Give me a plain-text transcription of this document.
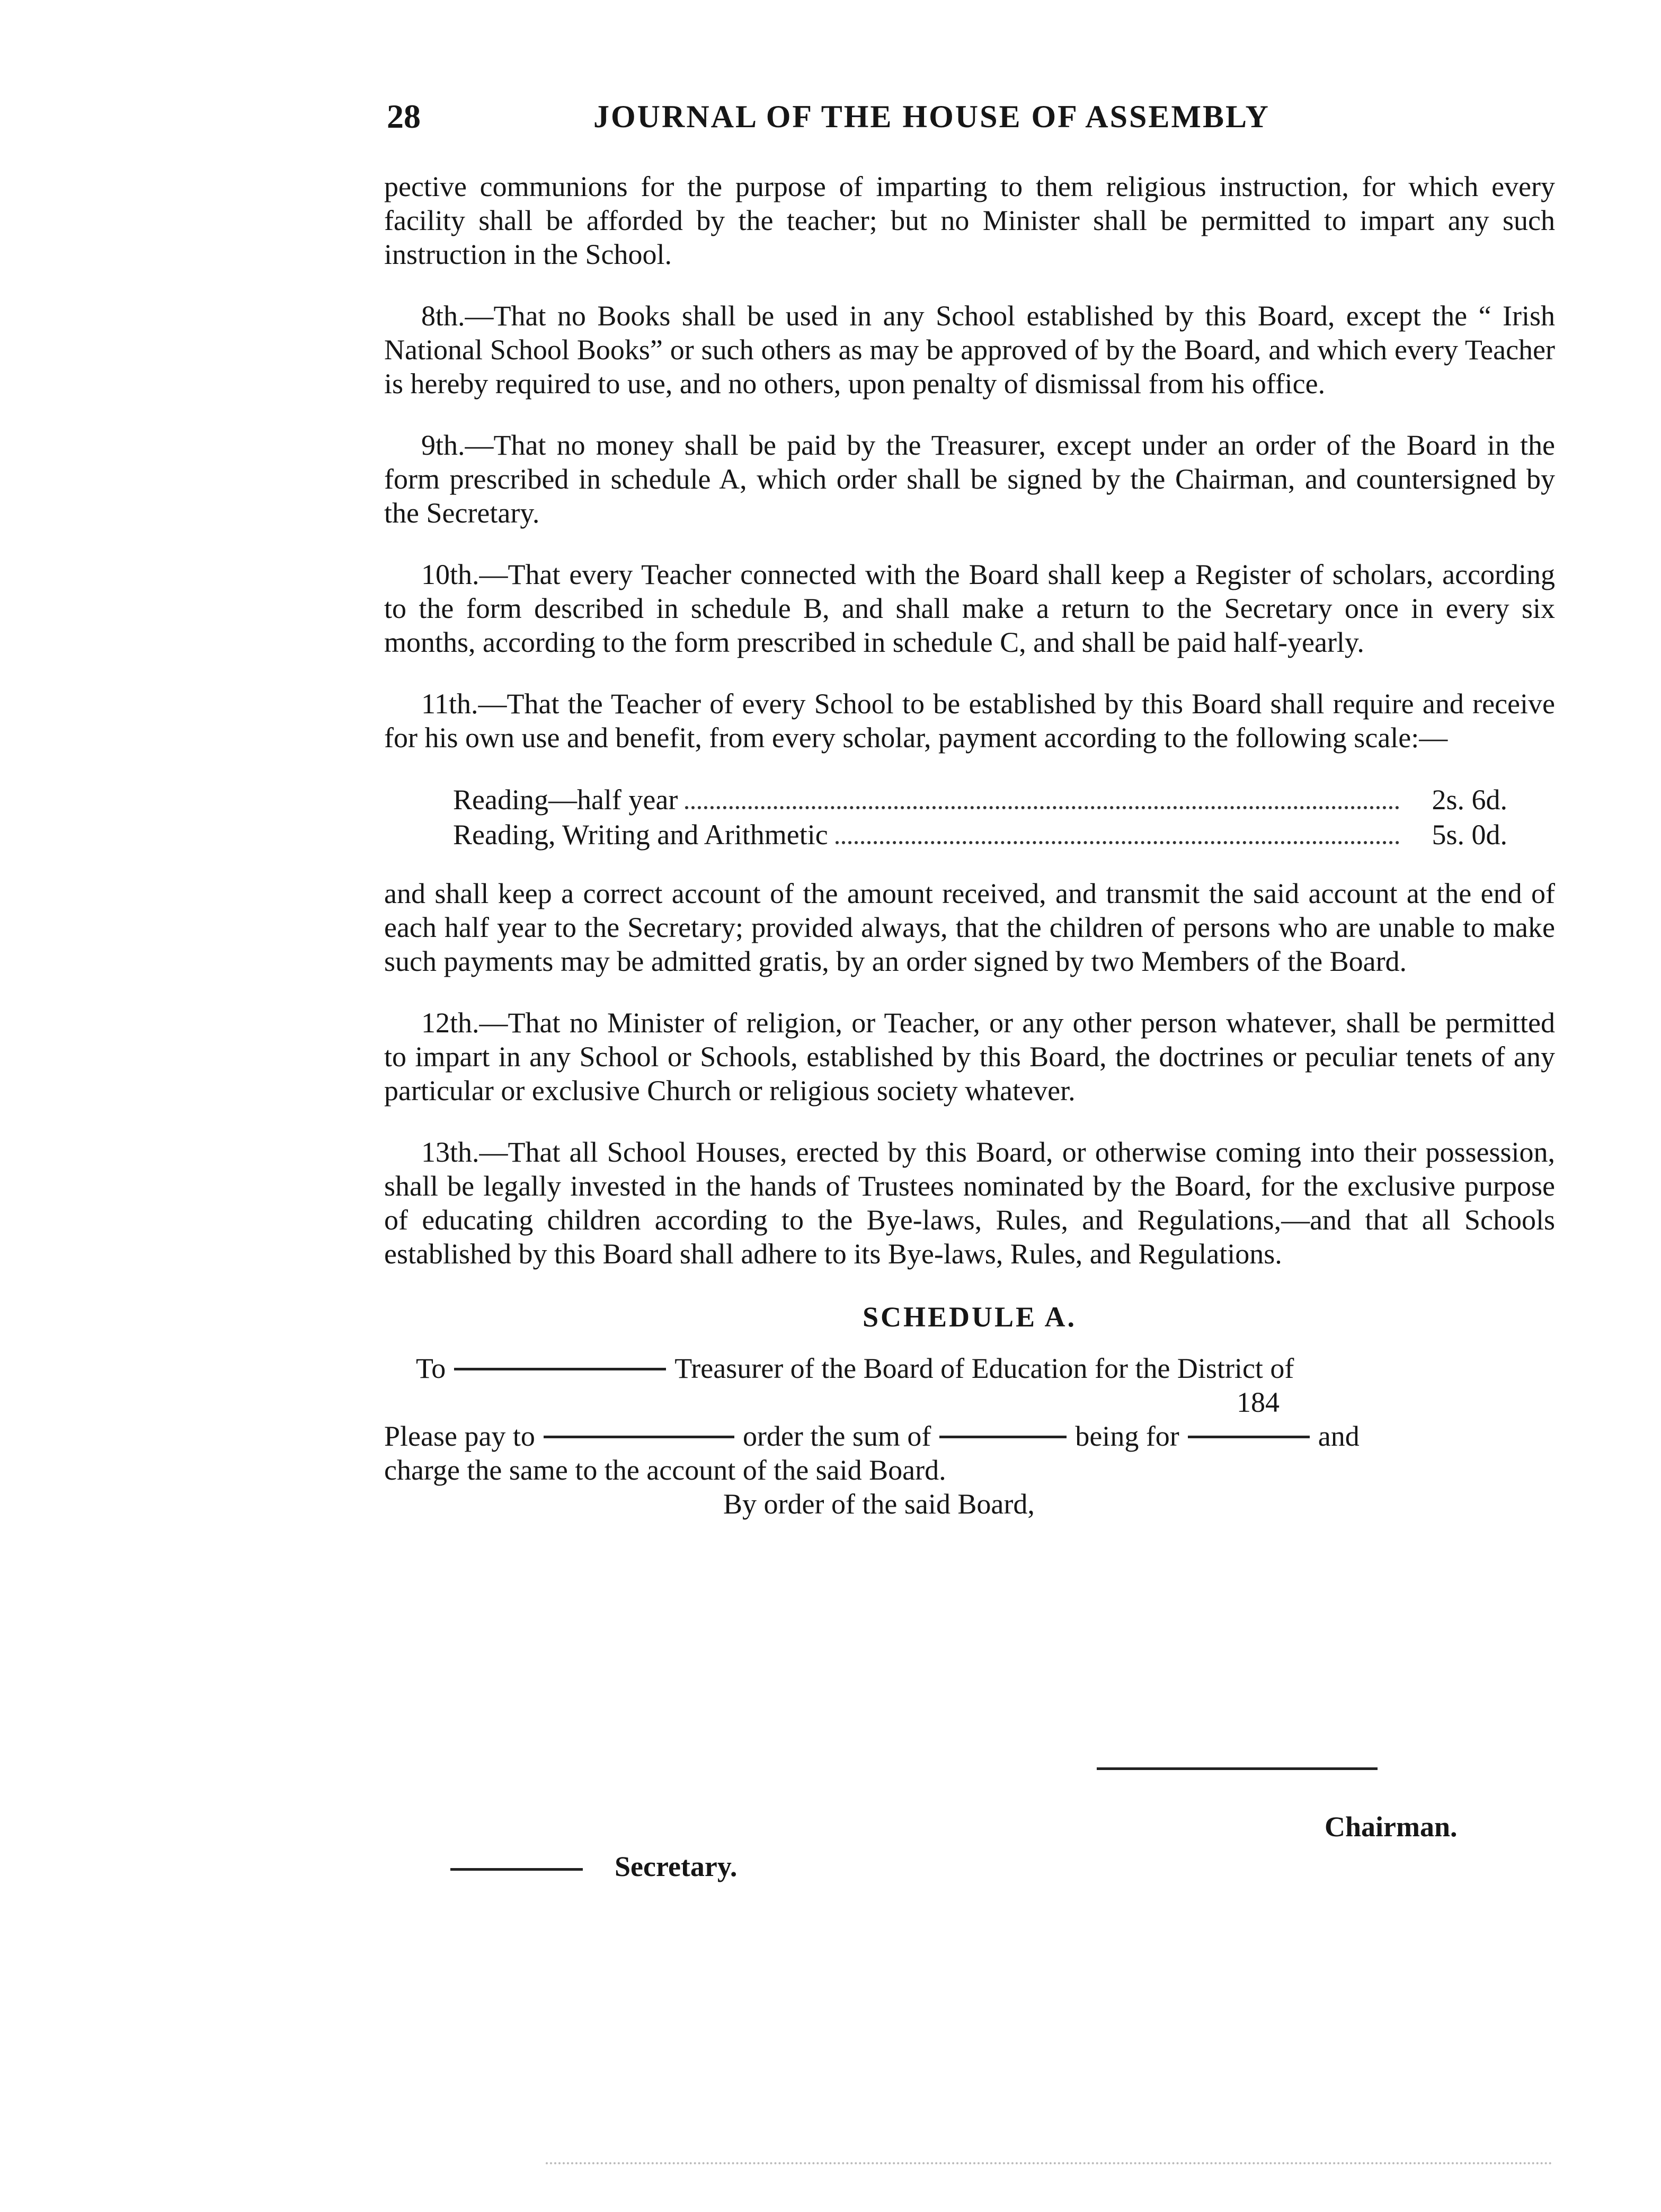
28	JOURNAL OF THE HOUSE OF ASSEMBLY

pective communions for the purpose of imparting to them religious instruction, for which every facility shall be afforded by the teacher; but no Minister shall be permitted to impart any such instruction in the School.

8th.—That no Books shall be used in any School established by this Board, except the “ Irish National School Books” or such others as may be approved of by the Board, and which every Teacher is hereby required to use, and no others, upon penalty of dismissal from his office.

9th.—That no money shall be paid by the Treasurer, except under an order of the Board in the form prescribed in schedule A, which order shall be signed by the Chairman, and countersigned by the Secretary.

10th.—That every Teacher connected with the Board shall keep a Register of scholars, according to the form described in schedule B, and shall make a return to the Secretary once in every six months, according to the form prescribed in schedule C, and shall be paid half-yearly.

11th.—That the Teacher of every School to be established by this Board shall require and receive for his own use and benefit, from every scholar, payment according to the following scale:—

Reading—half year	2s. 6d.
Reading, Writing and Arithmetic	5s. 0d.

and shall keep a correct account of the amount received, and transmit the said account at the end of each half year to the Secretary; provided always, that the children of persons who are unable to make such payments may be admitted gratis, by an order signed by two Members of the Board.

12th.—That no Minister of religion, or Teacher, or any other person whatever, shall be permitted to impart in any School or Schools, established by this Board, the doctrines or peculiar tenets of any particular or exclusive Church or religious society whatever.

13th.—That all School Houses, erected by this Board, or otherwise coming into their possession, shall be legally invested in the hands of Trustees nominated by the Board, for the exclusive purpose of educating children according to the Bye-laws, Rules, and Regulations,—and that all Schools established by this Board shall adhere to its Bye-laws, Rules, and Regulations.

SCHEDULE A.
To	Treasurer of the Board of Education for the District of
184
Please pay to	order the sum of	being for	and
charge the same to the account of the said Board.
By order of the said Board,
Chairman.
Secretary.
